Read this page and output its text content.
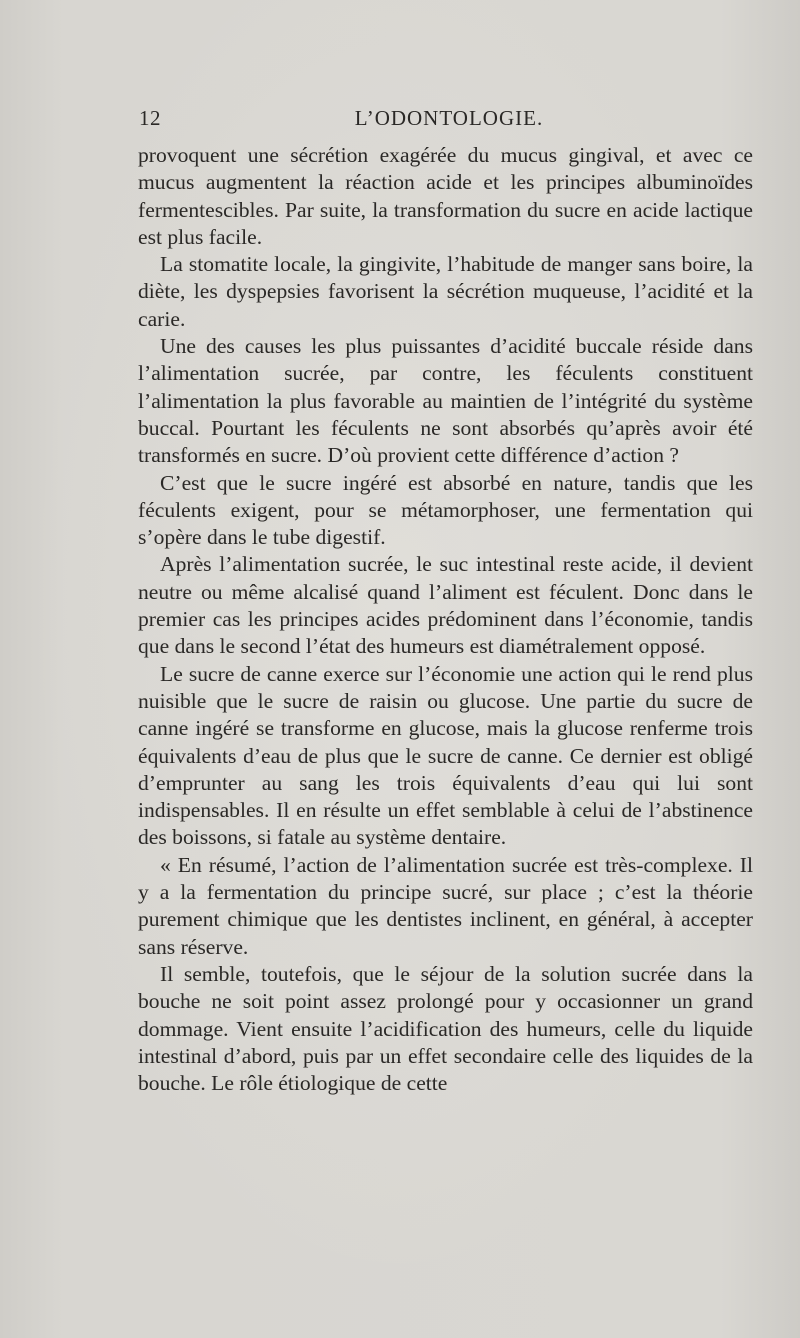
12	L’ODONTOLOGIE.

provoquent une sécrétion exagérée du mucus gingival, et avec ce mucus augmentent la réaction acide et les principes albuminoïdes fermentescibles. Par suite, la transformation du sucre en acide lactique est plus facile.

La stomatite locale, la gingivite, l’habitude de manger sans boire, la diète, les dyspepsies favorisent la sécrétion muqueuse, l’acidité et la carie.

Une des causes les plus puissantes d’acidité buccale réside dans l’alimentation sucrée, par contre, les féculents constituent l’alimentation la plus favorable au maintien de l’intégrité du système buccal. Pourtant les féculents ne sont absorbés qu’après avoir été transformés en sucre. D’où provient cette différence d’action ?

C’est que le sucre ingéré est absorbé en nature, tandis que les féculents exigent, pour se métamorphoser, une fermentation qui s’opère dans le tube digestif.

Après l’alimentation sucrée, le suc intestinal reste acide, il devient neutre ou même alcalisé quand l’aliment est féculent. Donc dans le premier cas les principes acides prédominent dans l’économie, tandis que dans le second l’état des humeurs est diamétralement opposé.

Le sucre de canne exerce sur l’économie une action qui le rend plus nuisible que le sucre de raisin ou glucose. Une partie du sucre de canne ingéré se transforme en glucose, mais la glucose renferme trois équivalents d’eau de plus que le sucre de canne. Ce dernier est obligé d’emprunter au sang les trois équivalents d’eau qui lui sont indispensables. Il en résulte un effet semblable à celui de l’abstinence des boissons, si fatale au système dentaire.

« En résumé, l’action de l’alimentation sucrée est très-complexe. Il y a la fermentation du principe sucré, sur place ; c’est la théorie purement chimique que les dentistes inclinent, en général, à accepter sans réserve.

Il semble, toutefois, que le séjour de la solution sucrée dans la bouche ne soit point assez prolongé pour y occasionner un grand dommage. Vient ensuite l’acidification des humeurs, celle du liquide intestinal d’abord, puis par un effet secondaire celle des liquides de la bouche. Le rôle étiologique de cette
